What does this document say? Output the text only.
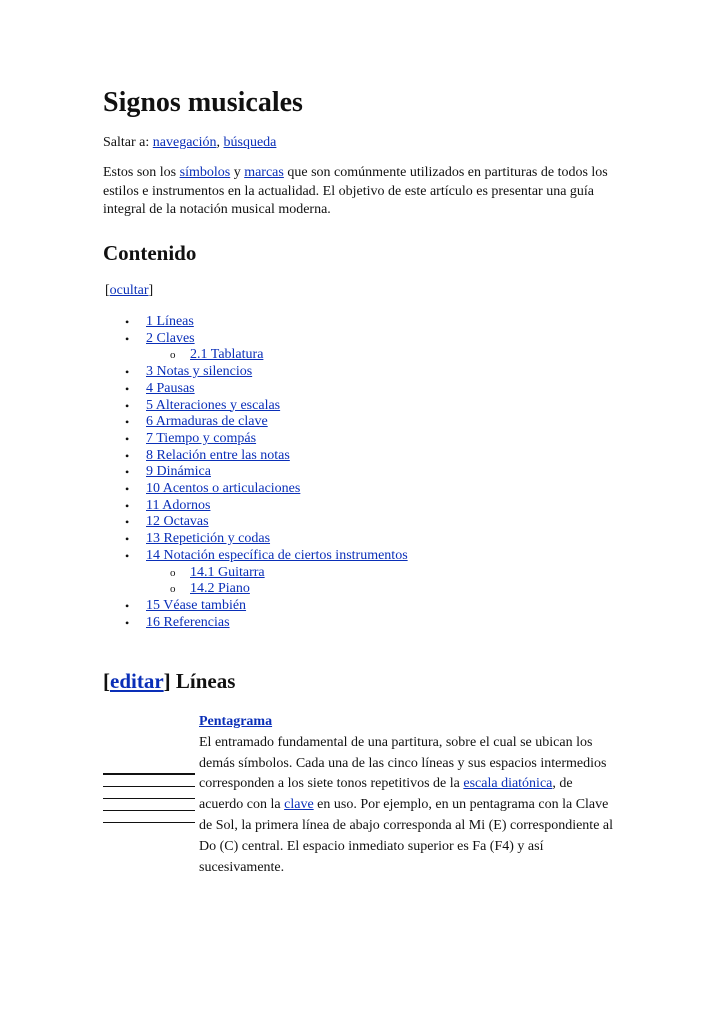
Signos musicales
Saltar a: navegación, búsqueda
Estos son los símbolos y marcas que son comúnmente utilizados en partituras de todos los estilos e instrumentos en la actualidad. El objetivo de este artículo es presentar una guía integral de la notación musical moderna.
Contenido
[ocultar]
• 1 Líneas
• 2 Claves
o 2.1 Tablatura
• 3 Notas y silencios
• 4 Pausas
• 5 Alteraciones y escalas
• 6 Armaduras de clave
• 7 Tiempo y compás
• 8 Relación entre las notas
• 9 Dinámica
• 10 Acentos o articulaciones
• 11 Adornos
• 12 Octavas
• 13 Repetición y codas
• 14 Notación específica de ciertos instrumentos
o 14.1 Guitarra
o 14.2 Piano
• 15 Véase también
• 16 Referencias
[editar] Líneas
Pentagrama
El entramado fundamental de una partitura, sobre el cual se ubican los demás símbolos. Cada una de las cinco líneas y sus espacios intermedios corresponden a los siete tonos repetitivos de la escala diatónica, de acuerdo con la clave en uso. Por ejemplo, en un pentagrama con la Clave de Sol, la primera línea de abajo corresponda al Mi (E) correspondiente al Do (C) central. El espacio inmediato superior es Fa (F4) y así sucesivamente.
